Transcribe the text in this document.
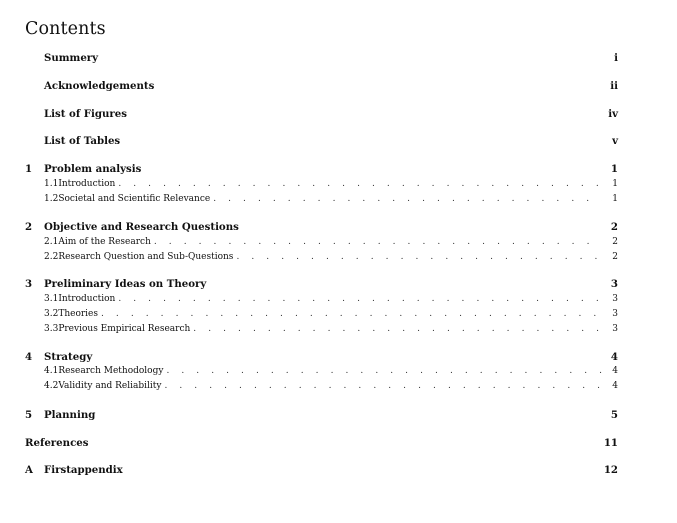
Contents
Summery	i
Acknowledgements	ii
List of Figures	iv
List of Tables	v
1	Problem analysis	1
1.1 Introduction . . .	1
1.2 Societal and Scientific Relevance . . .	1
2	Objective and Research Questions	2
2.1 Aim of the Research . . .	2
2.2 Research Question and Sub-Questions . . .	2
3	Preliminary Ideas on Theory	3
3.1 Introduction . . .	3
3.2 Theories . . .	3
3.3 Previous Empirical Research . . .	3
4	Strategy	4
4.1 Research Methodology . . .	4
4.2 Validity and Reliability . . .	4
5	Planning	5
References	11
A	Firstappendix	12
